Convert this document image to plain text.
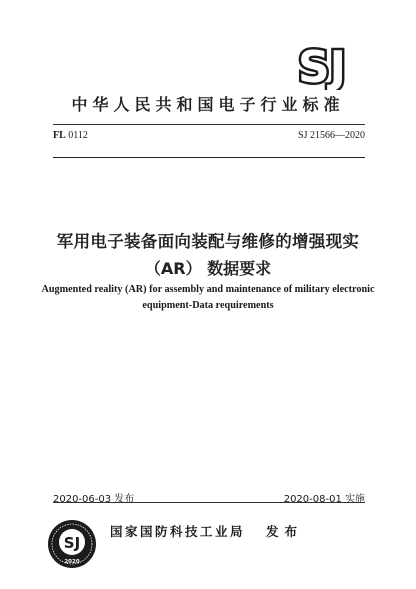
SJ
中华人民共和国电子行业标准
FL 0112	SJ 21566—2020
军用电子装备面向装配与维修的增强现实
（AR） 数据要求
Augmented reality (AR) for assembly and maintenance of military electronic
equipment-Data requirements
2020-06-03 发布	2020-08-01 实施
SJ
2020
国家国防科技工业局 发布
